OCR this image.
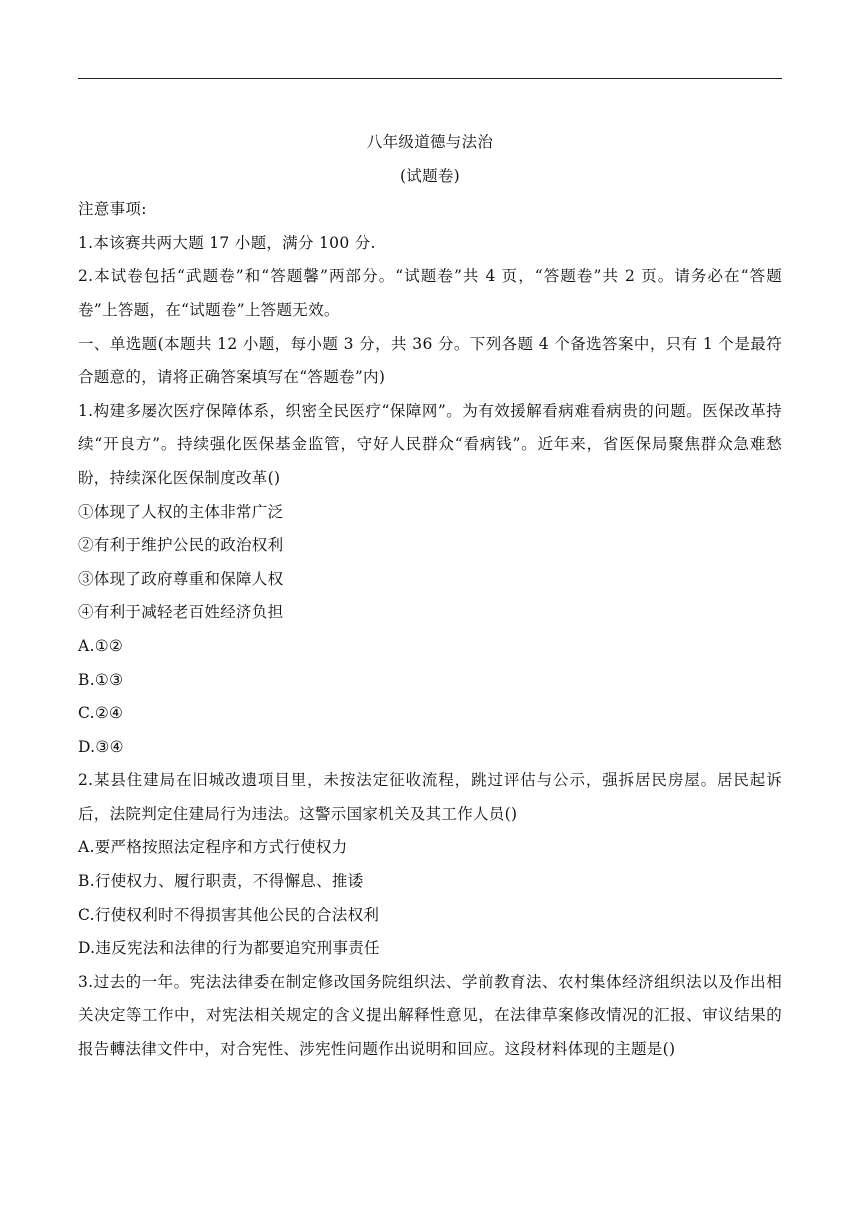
八年级道德与法治
(试题卷)
注意事项:
1.本该赛共两大题 17 小题，满分 100 分.
2.本试卷包括“武题卷”和“答题馨”两部分。“试题卷”共 4 页，“答题卷”共 2 页。请务必在“答题卷”上答题，在“试题卷”上答题无效。
一、单选题(本题共 12 小题，每小题 3 分，共 36 分。下列各题 4 个备选答案中，只有 1 个是最符合题意的，请将正确答案填写在“答题卷”内)
1.构建多屡次医疗保障体系，织密全民医疗“保障网”。为有效援解看病难看病贵的问题。医保改革持续“开良方”。持续强化医保基金监管，守好人民群众“看病钱”。近年来，省医保局聚焦群众急难愁盼，持续深化医保制度改革()
①体现了人权的主体非常广泛
②有利于维护公民的政治权利
③体现了政府尊重和保障人权
④有利于减轻老百姓经济负担
A.①②
B.①③
C.②④
D.③④
2.某县住建局在旧城改遗项目里，未按法定征收流程，跳过评估与公示，强拆居民房屋。居民起诉后，法院判定住建局行为违法。这警示国家机关及其工作人员()
A.要严格按照法定程序和方式行使权力
B.行使权力、履行职责，不得懈息、推诿
C.行使权利时不得损害其他公民的合法权利
D.违反宪法和法律的行为都要追究刑事责任
3.过去的一年。宪法法律委在制定修改国务院组织法、学前教育法、农村集体经济组织法以及作出相关决定等工作中，对宪法相关规定的含义提出解释性意见，在法律草案修改情况的汇报、审议结果的报告轉法律文件中，对合宪性、涉宪性问题作出说明和回应。这段材料体现的主题是()
